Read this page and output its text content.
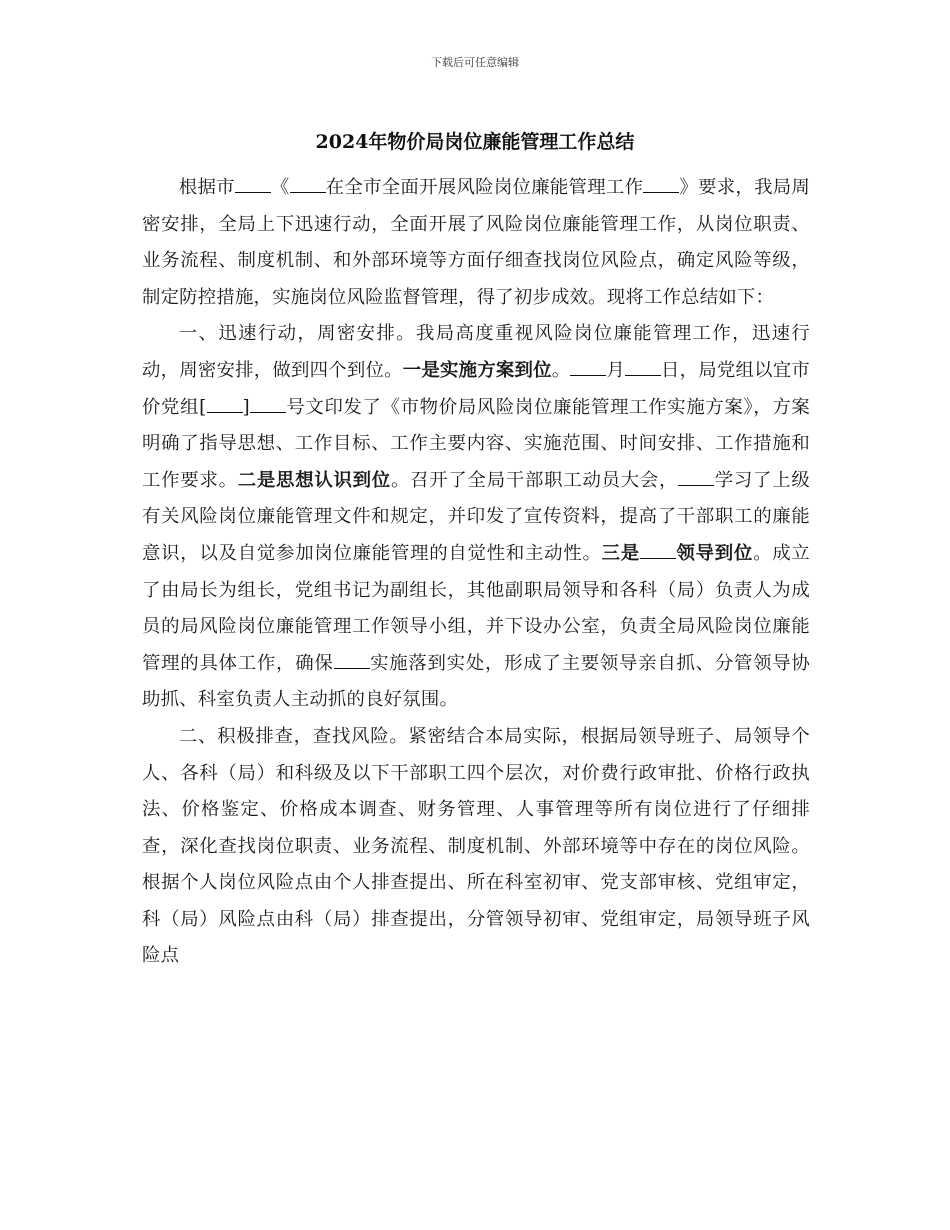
下载后可任意编辑
2024年物价局岗位廉能管理工作总结

根据市 《 在全市全面开展风险岗位廉能管理工作 》要求，我局周密安排，全局上下迅速行动，全面开展了风险岗位廉能管理工作，从岗位职责、业务流程、制度机制、和外部环境等方面仔细查找岗位风险点，确定风险等级，制定防控措施，实施岗位风险监督管理，得了初步成效。现将工作总结如下：

一、迅速行动，周密安排。我局高度重视风险岗位廉能管理工作，迅速行动，周密安排，做到四个到位。一是实施方案到位。 月 日，局党组以宜市价党组[ ] 号文印发了《市物价局风险岗位廉能管理工作实施方案》，方案明确了指导思想、工作目标、工作主要内容、实施范围、时间安排、工作措施和工作要求。二是思想认识到位。召开了全局干部职工动员大会， 学习了上级有关风险岗位廉能管理文件和规定，并印发了宣传资料，提高了干部职工的廉能意识，以及自觉参加岗位廉能管理的自觉性和主动性。三是 领导到位。成立了由局长为组长，党组书记为副组长，其他副职局领导和各科（局）负责人为成员的局风险岗位廉能管理工作领导小组，并下设办公室，负责全局风险岗位廉能管理的具体工作，确保 实施落到实处，形成了主要领导亲自抓、分管领导协助抓、科室负责人主动抓的良好氛围。

二、积极排查，查找风险。紧密结合本局实际，根据局领导班子、局领导个人、各科（局）和科级及以下干部职工四个层次，对价费行政审批、价格行政执法、价格鉴定、价格成本调查、财务管理、人事管理等所有岗位进行了仔细排查，深化查找岗位职责、业务流程、制度机制、外部环境等中存在的岗位风险。根据个人岗位风险点由个人排查提出、所在科室初审、党支部审核、党组审定，科（局）风险点由科（局）排查提出，分管领导初审、党组审定，局领导班子风险点
